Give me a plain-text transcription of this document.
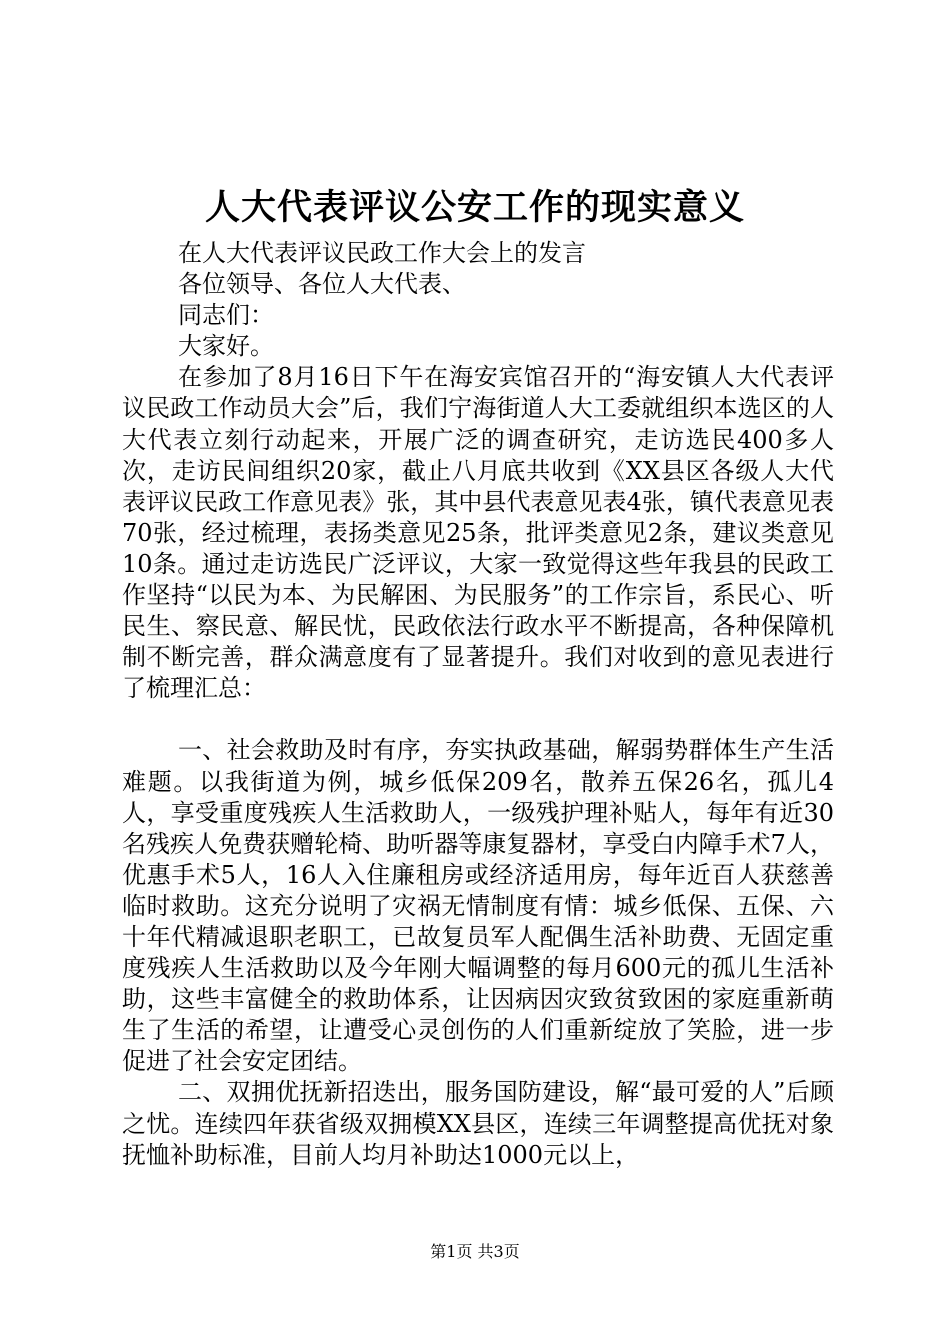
人大代表评议公安工作的现实意义

在人大代表评议民政工作大会上的发言

各位领导、各位人大代表、

同志们：

大家好。

在参加了8月16日下午在海安宾馆召开的“海安镇人大代表评议民政工作动员大会”后，我们宁海街道人大工委就组织本选区的人大代表立刻行动起来，开展广泛的调查研究，走访选民400多人次，走访民间组织20家，截止八月底共收到《XX县区各级人大代表评议民政工作意见表》张，其中县代表意见表4张，镇代表意见表70张，经过梳理，表扬类意见25条，批评类意见2条，建议类意见10条。通过走访选民广泛评议，大家一致觉得这些年我县的民政工作坚持“以民为本、为民解困、为民服务”的工作宗旨，系民心、听民生、察民意、解民忧，民政依法行政水平不断提高，各种保障机制不断完善，群众满意度有了显著提升。我们对收到的意见表进行了梳理汇总：

一、社会救助及时有序，夯实执政基础，解弱势群体生产生活难题。以我街道为例，城乡低保209名，散养五保26名，孤儿4人，享受重度残疾人生活救助人，一级残护理补贴人，每年有近30名残疾人免费获赠轮椅、助听器等康复器材，享受白内障手术7人，优惠手术5人，16人入住廉租房或经济适用房，每年近百人获慈善临时救助。这充分说明了灾祸无情制度有情：城乡低保、五保、六十年代精减退职老职工，已故复员军人配偶生活补助费、无固定重度残疾人生活救助以及今年刚大幅调整的每月600元的孤儿生活补助，这些丰富健全的救助体系，让因病因灾致贫致困的家庭重新萌生了生活的希望，让遭受心灵创伤的人们重新绽放了笑脸，进一步促进了社会安定团结。

二、双拥优抚新招迭出，服务国防建设，解“最可爱的人”后顾之忧。连续四年获省级双拥模XX县区，连续三年调整提高优抚对象抚恤补助标准，目前人均月补助达1000元以上，

第1页 共3页
